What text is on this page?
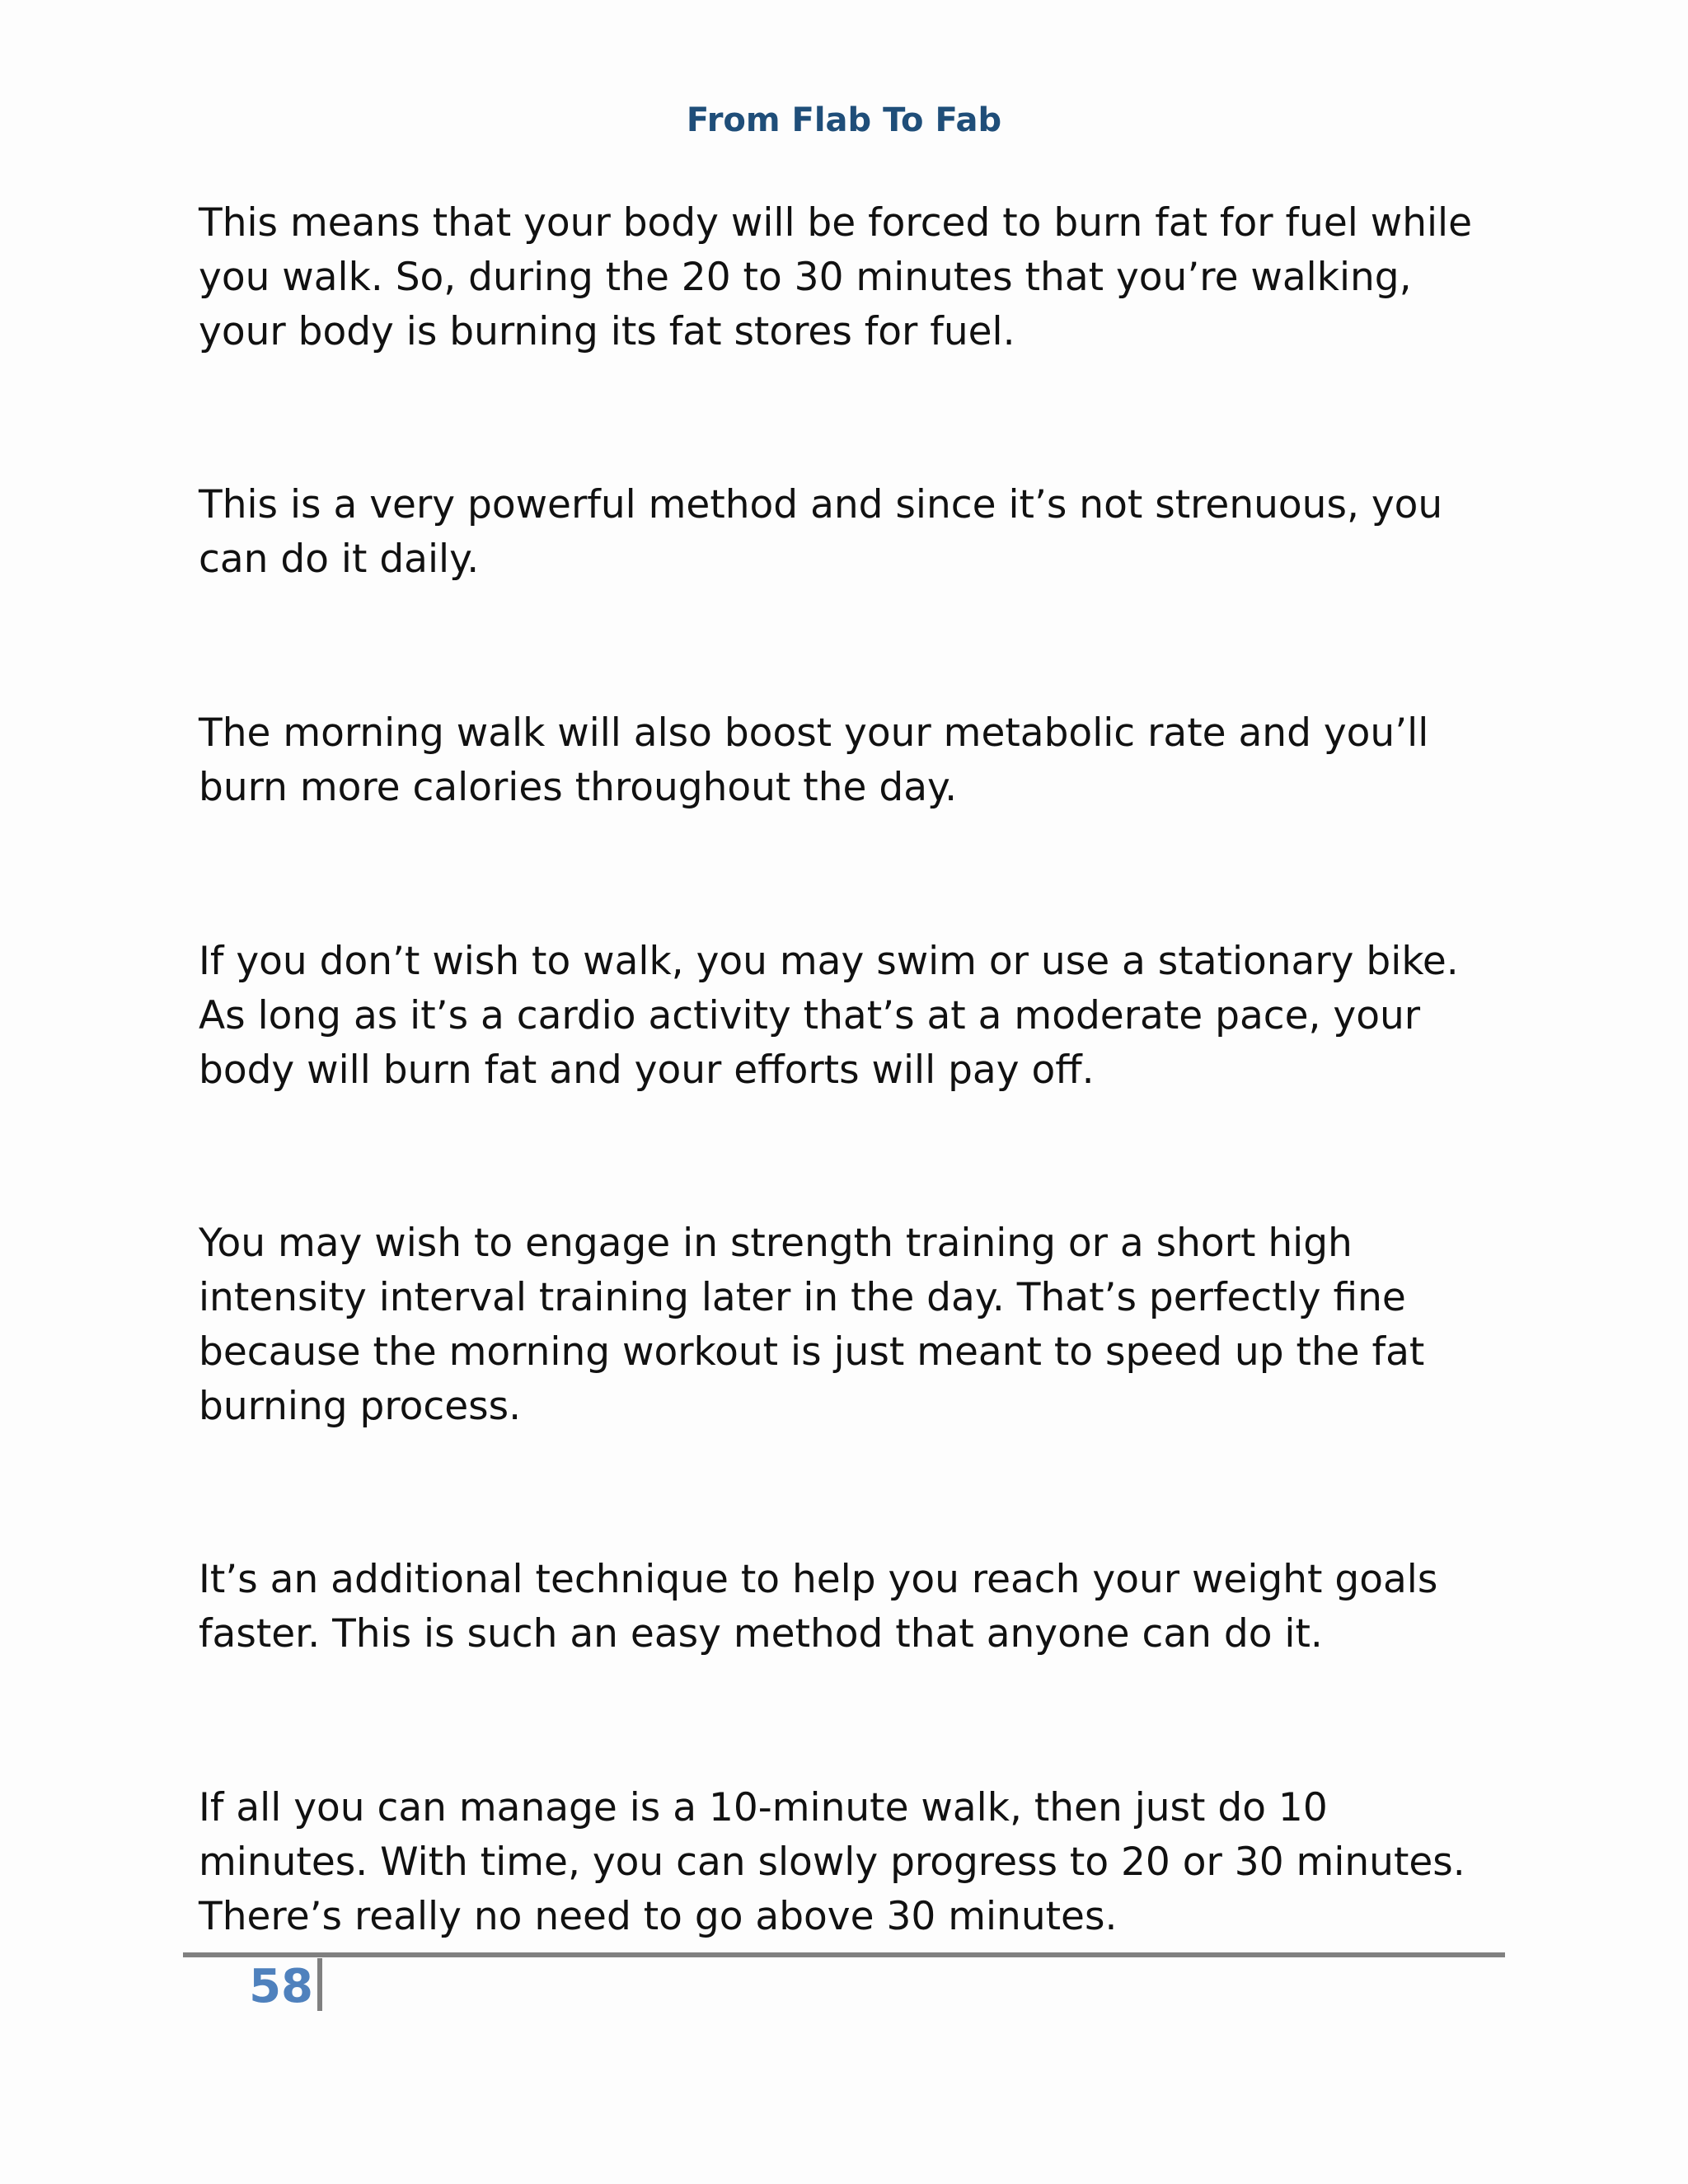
From Flab To Fab

This means that your body will be forced to burn fat for fuel while you walk. So, during the 20 to 30 minutes that you’re walking, your body is burning its fat stores for fuel.

This is a very powerful method and since it’s not strenuous, you can do it daily.

The morning walk will also boost your metabolic rate and you’ll burn more calories throughout the day.

If you don’t wish to walk, you may swim or use a stationary bike. As long as it’s a cardio activity that’s at a moderate pace, your body will burn fat and your efforts will pay off.

You may wish to engage in strength training or a short high intensity interval training later in the day. That’s perfectly fine because the morning workout is just meant to speed up the fat burning process.

It’s an additional technique to help you reach your weight goals faster. This is such an easy method that anyone can do it.

If all you can manage is a 10-minute walk, then just do 10 minutes. With time, you can slowly progress to 20 or 30 minutes. There’s really no need to go above 30 minutes.

58
